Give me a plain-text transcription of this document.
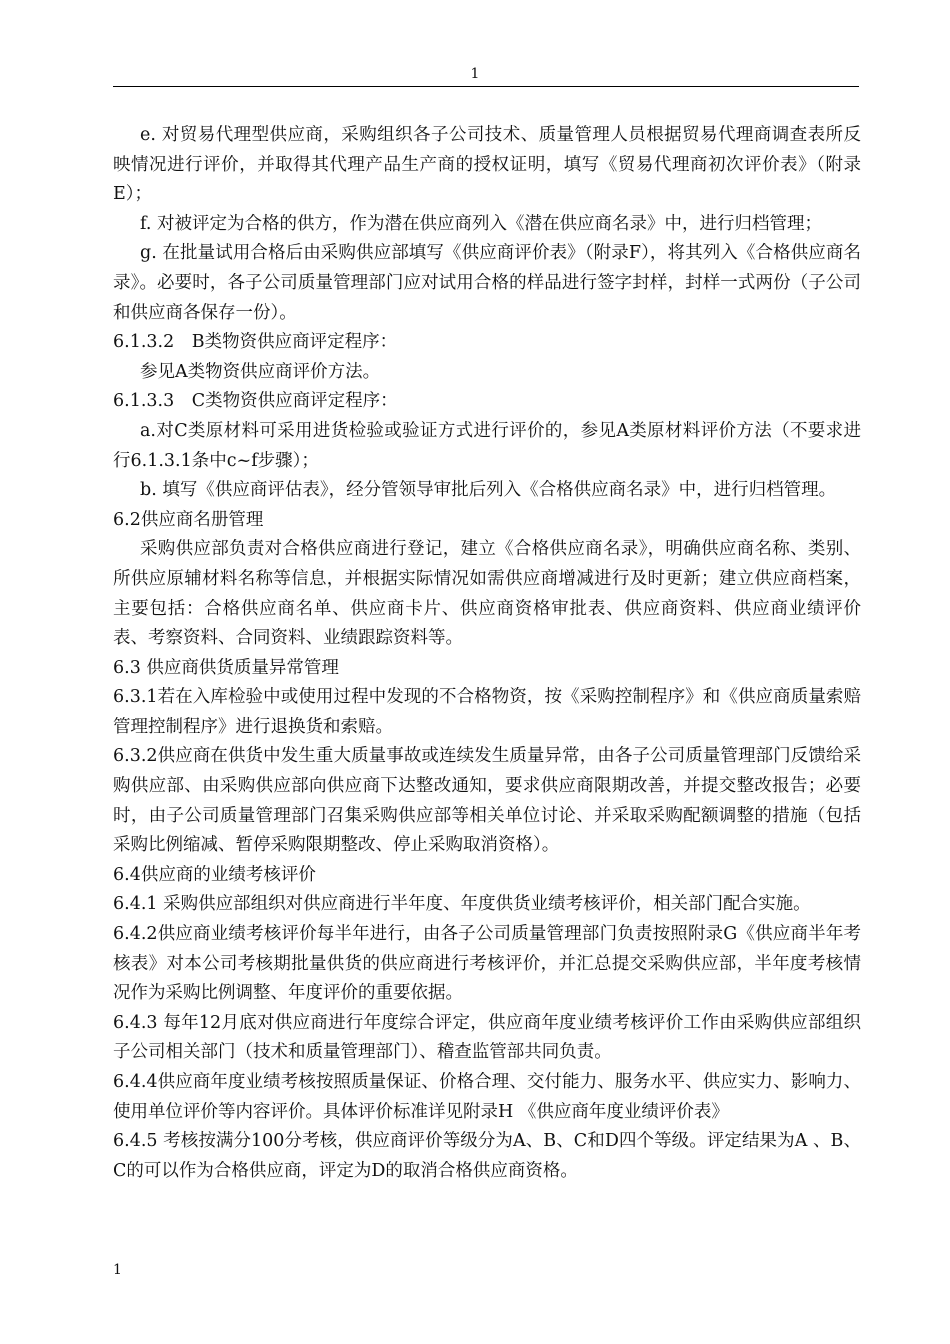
1

e. 对贸易代理型供应商，采购组织各子公司技术、质量管理人员根据贸易代理商调查表所反映情况进行评价，并取得其代理产品生产商的授权证明，填写《贸易代理商初次评价表》（附录E）；

f. 对被评定为合格的供方，作为潜在供应商列入《潜在供应商名录》中，进行归档管理；

g. 在批量试用合格后由采购供应部填写《供应商评价表》（附录F），将其列入《合格供应商名录》。必要时，各子公司质量管理部门应对试用合格的样品进行签字封样，封样一式两份（子公司和供应商各保存一份）。

6.1.3.2　B类物资供应商评定程序：

参见A类物资供应商评价方法。

6.1.3.3　C类物资供应商评定程序：

a.对C类原材料可采用进货检验或验证方式进行评价的，参见A类原材料评价方法（不要求进行6.1.3.1条中c~f步骤）；

b. 填写《供应商评估表》，经分管领导审批后列入《合格供应商名录》中，进行归档管理。

6.2供应商名册管理

采购供应部负责对合格供应商进行登记，建立《合格供应商名录》，明确供应商名称、类别、所供应原辅材料名称等信息，并根据实际情况如需供应商增减进行及时更新；建立供应商档案，主要包括：合格供应商名单、供应商卡片、供应商资格审批表、供应商资料、供应商业绩评价表、考察资料、合同资料、业绩跟踪资料等。

6.3 供应商供货质量异常管理

6.3.1若在入库检验中或使用过程中发现的不合格物资，按《采购控制程序》和《供应商质量索赔管理控制程序》进行退换货和索赔。

6.3.2供应商在供货中发生重大质量事故或连续发生质量异常，由各子公司质量管理部门反馈给采购供应部、由采购供应部向供应商下达整改通知，要求供应商限期改善，并提交整改报告；必要时，由子公司质量管理部门召集采购供应部等相关单位讨论、并采取采购配额调整的措施（包括采购比例缩减、暂停采购限期整改、停止采购取消资格）。

6.4供应商的业绩考核评价

6.4.1 采购供应部组织对供应商进行半年度、年度供货业绩考核评价，相关部门配合实施。

6.4.2供应商业绩考核评价每半年进行，由各子公司质量管理部门负责按照附录G《供应商半年考核表》对本公司考核期批量供货的供应商进行考核评价，并汇总提交采购供应部，半年度考核情况作为采购比例调整、年度评价的重要依据。

6.4.3 每年12月底对供应商进行年度综合评定，供应商年度业绩考核评价工作由采购供应部组织子公司相关部门（技术和质量管理部门）、稽查监管部共同负责。

6.4.4供应商年度业绩考核按照质量保证、价格合理、交付能力、服务水平、供应实力、影响力、使用单位评价等内容评价。具体评价标准详见附录H 《供应商年度业绩评价表》

6.4.5 考核按满分100分考核，供应商评价等级分为A、B、C和D四个等级。评定结果为A 、B、C的可以作为合格供应商，评定为D的取消合格供应商资格。

1
